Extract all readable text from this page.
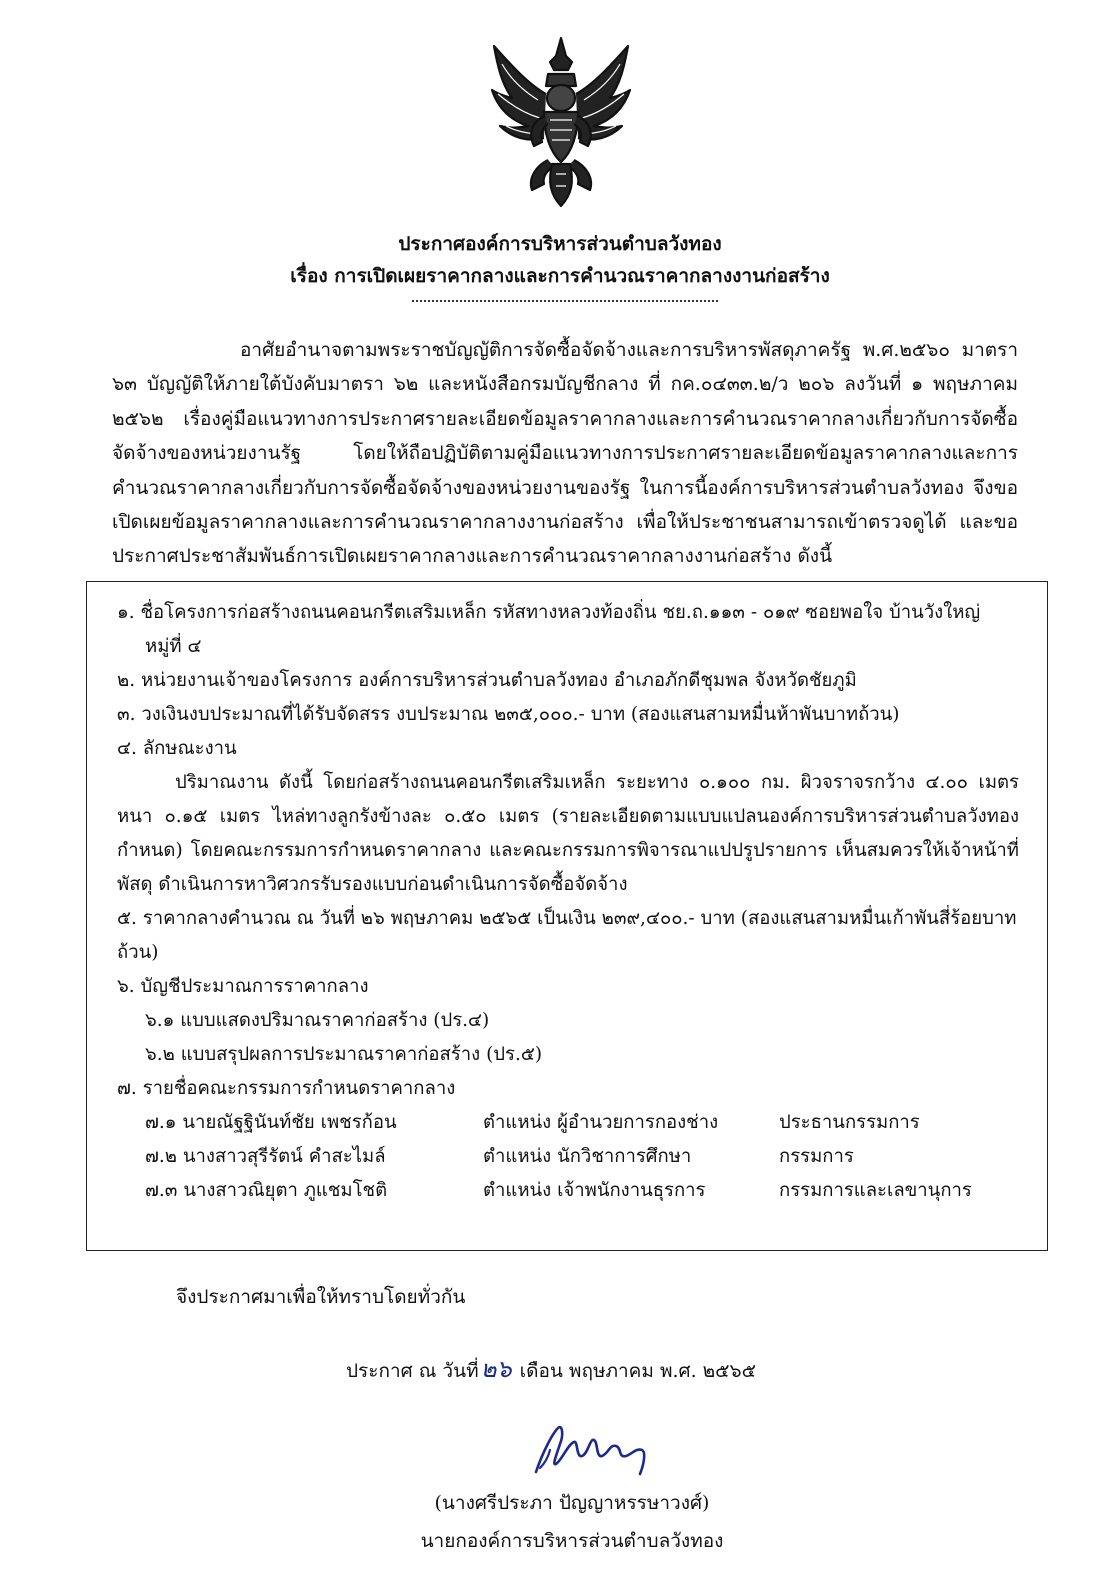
ประกาศองค์การบริหารส่วนตำบลวังทอง
เรื่อง การเปิดเผยราคากลางและการคำนวณราคากลางงานก่อสร้าง

อาศัยอำนาจตามพระราชบัญญัติการจัดซื้อจัดจ้างและการบริหารพัสดุภาครัฐ พ.ศ.๒๕๖๐ มาตรา ๖๓ บัญญัติให้ภายใต้บังคับมาตรา ๖๒ และหนังสือกรมบัญชีกลาง ที่ กค.๐๔๓๓.๒/ว ๒๐๖ ลงวันที่ ๑ พฤษภาคม ๒๕๖๒ เรื่องคู่มือแนวทางการประกาศรายละเอียดข้อมูลราคากลางและการคำนวณราคากลางเกี่ยวกับการจัดซื้อจัดจ้างของหน่วยงานรัฐ โดยให้ถือปฏิบัติตามคู่มือแนวทางการประกาศรายละเอียดข้อมูลราคากลางและการคำนวณราคากลางเกี่ยวกับการจัดซื้อจัดจ้างของหน่วยงานของรัฐ ในการนี้องค์การบริหารส่วนตำบลวังทอง จึงขอเปิดเผยข้อมูลราคากลางและการคำนวณราคากลางงานก่อสร้าง เพื่อให้ประชาชนสามารถเข้าตรวจดูได้ และขอประกาศประชาสัมพันธ์การเปิดเผยราคากลางและการคำนวณราคากลางงานก่อสร้าง ดังนี้

๑. ชื่อโครงการก่อสร้างถนนคอนกรีตเสริมเหล็ก รหัสทางหลวงท้องถิ่น ชย.ถ.๑๑๓ - ๐๑๙ ซอยพอใจ บ้านวังใหญ่
หมู่ที่ ๔
๒. หน่วยงานเจ้าของโครงการ องค์การบริหารส่วนตำบลวังทอง อำเภอภักดีชุมพล จังหวัดชัยภูมิ
๓. วงเงินงบประมาณที่ได้รับจัดสรร งบประมาณ ๒๓๕,๐๐๐.- บาท (สองแสนสามหมื่นห้าพันบาทถ้วน)
๔. ลักษณะงาน

ปริมาณงาน ดังนี้ โดยก่อสร้างถนนคอนกรีตเสริมเหล็ก ระยะทาง ๐.๑๐๐ กม. ผิวจราจรกว้าง ๔.๐๐ เมตร หนา ๐.๑๕ เมตร ไหล่ทางลูกรังข้างละ ๐.๕๐ เมตร (รายละเอียดตามแบบแปลนองค์การบริหารส่วนตำบลวังทอง กำหนด) โดยคณะกรรมการกำหนดราคากลาง และคณะกรรมการพิจารณาแปปรูปรายการ เห็นสมควรให้เจ้าหน้าที่พัสดุ ดำเนินการหาวิศวกรรับรองแบบก่อนดำเนินการจัดซื้อจัดจ้าง

๕. ราคากลางคำนวณ ณ วันที่ ๒๖ พฤษภาคม ๒๕๖๕ เป็นเงิน ๒๓๙,๔๐๐.- บาท (สองแสนสามหมื่นเก้าพันสี่ร้อยบาทถ้วน)
๖. บัญชีประมาณการราคากลาง
๖.๑ แบบแสดงปริมาณราคาก่อสร้าง (ปร.๔)
๖.๒ แบบสรุปผลการประมาณราคาก่อสร้าง (ปร.๕)
๗. รายชื่อคณะกรรมการกำหนดราคากลาง
๗.๑ นายณัฐฐินันท์ชัย เพชรก้อน	ตำแหน่ง ผู้อำนวยการกองช่าง	ประธานกรรมการ
๗.๒ นางสาวสุรีรัตน์ คำสะไมล์	ตำแหน่ง นักวิชาการศึกษา	กรรมการ
๗.๓ นางสาวณิยุตา ภูแชมโชติ	ตำแหน่ง เจ้าพนักงานธุรการ	กรรมการและเลขานุการ
จึงประกาศมาเพื่อให้ทราบโดยทั่วกัน
ประกาศ ณ วันที่๒๖ เดือน พฤษภาคม พ.ศ. ๒๕๖๕
(นางศรีประภา ปัญญาหรรษาวงศ์)
นายกองค์การบริหารส่วนตำบลวังทอง
